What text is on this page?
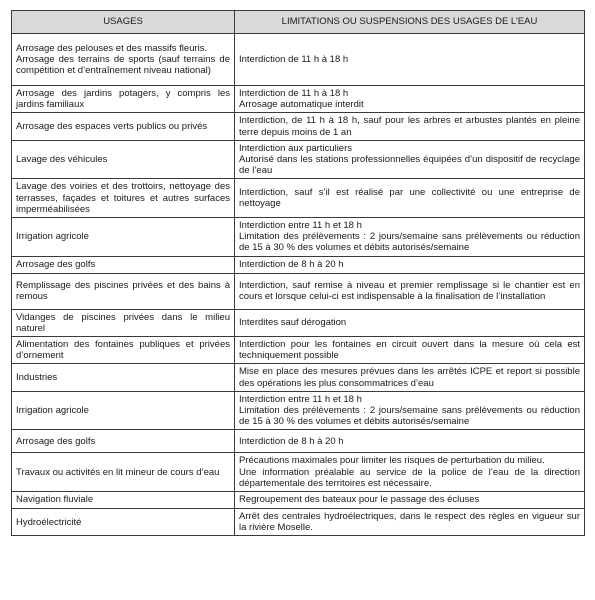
USAGES	LIMITATIONS OU SUSPENSIONS DES USAGES DE L’EAU

Arrosage des pelouses et des massifs fleuris.
Arrosage des terrains de sports (sauf terrains de compétition et d’entraînement niveau national)	Interdiction de 11 h à 18 h

Arrosage des jardins potagers, y compris les jardins familiaux	Interdiction de 11 h à 18 h
Arrosage automatique interdit

Arrosage des espaces verts publics ou privés	Interdiction, de 11 h à 18 h, sauf pour les arbres et arbustes plantés en pleine terre depuis moins de 1 an

Lavage des véhicules	Interdiction aux particuliers
Autorisé dans les stations professionnelles équipées d’un dispositif de recyclage de l’eau

Lavage des voiries et des trottoirs, nettoyage des terrasses, façades et toitures et autres surfaces imperméabilisées	Interdiction, sauf s’il est réalisé par une collectivité ou une entreprise de nettoyage

Irrigation agricole	Interdiction entre 11 h et 18 h
Limitation des prélèvements : 2 jours/semaine sans prélèvements ou réduction de 15 à 30 % des volumes et débits autorisés/semaine

Arrosage des golfs	Interdiction de 8 h à 20 h

Remplissage des piscines privées et des bains à remous	Interdiction, sauf remise à niveau et premier remplissage si le chantier est en cours et lorsque celui-ci est indispensable à la finalisation de l’installation

Vidanges de piscines privées dans le milieu naturel	Interdites sauf dérogation

Alimentation des fontaines publiques et privées d’ornement	Interdiction pour les fontaines en circuit ouvert dans la mesure où cela est techniquement possible

Industries	Mise en place des mesures prévues dans les arrêtés ICPE et report si possible des opérations les plus consommatrices d’eau

Irrigation agricole	Interdiction entre 11 h et 18 h
Limitation des prélèvements : 2 jours/semaine sans prélèvements ou réduction de 15 à 30 % des volumes et débits autorisés/semaine

Arrosage des golfs	Interdiction de 8 h à 20 h

Travaux ou activités en lit mineur de cours d’eau	Précautions maximales pour limiter les risques de perturbation du milieu.
Une information préalable au service de la police de l’eau de la direction départementale des territoires est nécessaire.

Navigation fluviale	Regroupement des bateaux pour le passage des écluses

Hydroélectricité	Arrêt des centrales hydroélectriques, dans le respect des règles en vigueur sur la rivière Moselle.
